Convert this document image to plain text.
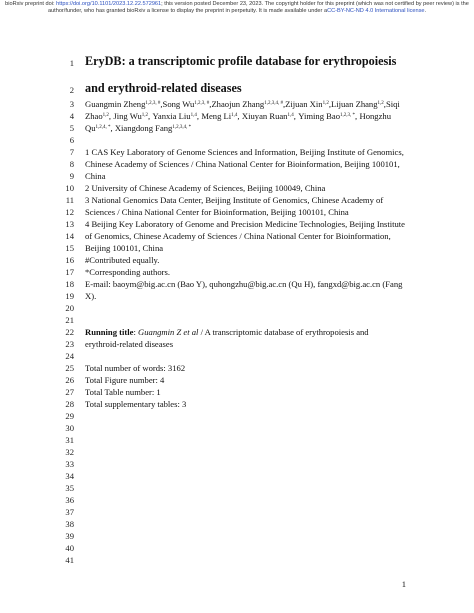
bioRxiv preprint doi: https://doi.org/10.1101/2023.12.22.572961; this version posted December 23, 2023. The copyright holder for this preprint (which was not certified by peer review) is the author/funder, who has granted bioRxiv a license to display the preprint in perpetuity. It is made available under aCC-BY-NC-ND 4.0 International license.
1
2
3
4
5
6
7
8
9
10
11
12
13
14
15
16
17
18
19
20
21
22
23
24
25
26
27
28
29
30
31
32
33
34
35
36
37
38
39
40
41
EryDB: a transcriptomic profile database for erythropoiesis
and erythroid-related diseases
Guangmin Zheng$^{1,2,3, \#}$, Song $Wu^{1,2,3, \#}$, Zhaojun Zhang$^{1,2,3,4, \#}$, Zijuan Xin$^{1,2}$, Lijuan Zhang$^{1,2}$, Siqi
Zhao$^{1,2}$, Jing Wu$^{1,2}$, Yanxia Liu$^{1,4}$, Meng Li$^{1,4}$, Xiuyan Ruan$^{1,4}$, Yiming Bao$^{1,2,3, *}$, Hongzhu
$Qu^{1,2,4, *}$, Xiangdong Fang$^{1,2,3,4, *}$
1 CAS Key Laboratory of Genome Sciences and Information, Beijing Institute of Genomics,
Chinese Academy of Sciences / China National Center for Bioinformation, Beijing 100101,
China
2 University of Chinese Academy of Sciences, Beijing 100049, China
3 National Genomics Data Center, Beijing Institute of Genomics, Chinese Academy of
Sciences / China National Center for Bioinformation, Beijing 100101, China
4 Beijing Key Laboratory of Genome and Precision Medicine Technologies, Beijing Institute
of Genomics, Chinese Academy of Sciences / China National Center for Bioinformation,
Beijing 100101, China
#Contributed equally.
*Corresponding authors.
E-mail: baoym@big.ac.cn (Bao Y), quhongzhu@big.ac.cn (Qu H), fangxd@big.ac.cn (Fang
X).
Running title: Guangmin Z et al / A transcriptomic database of erythropoiesis and
erythroid-related diseases
Total number of words: 3162
Total Figure number: 4
Total Table number: 1
Total supplementary tables: 3
1
